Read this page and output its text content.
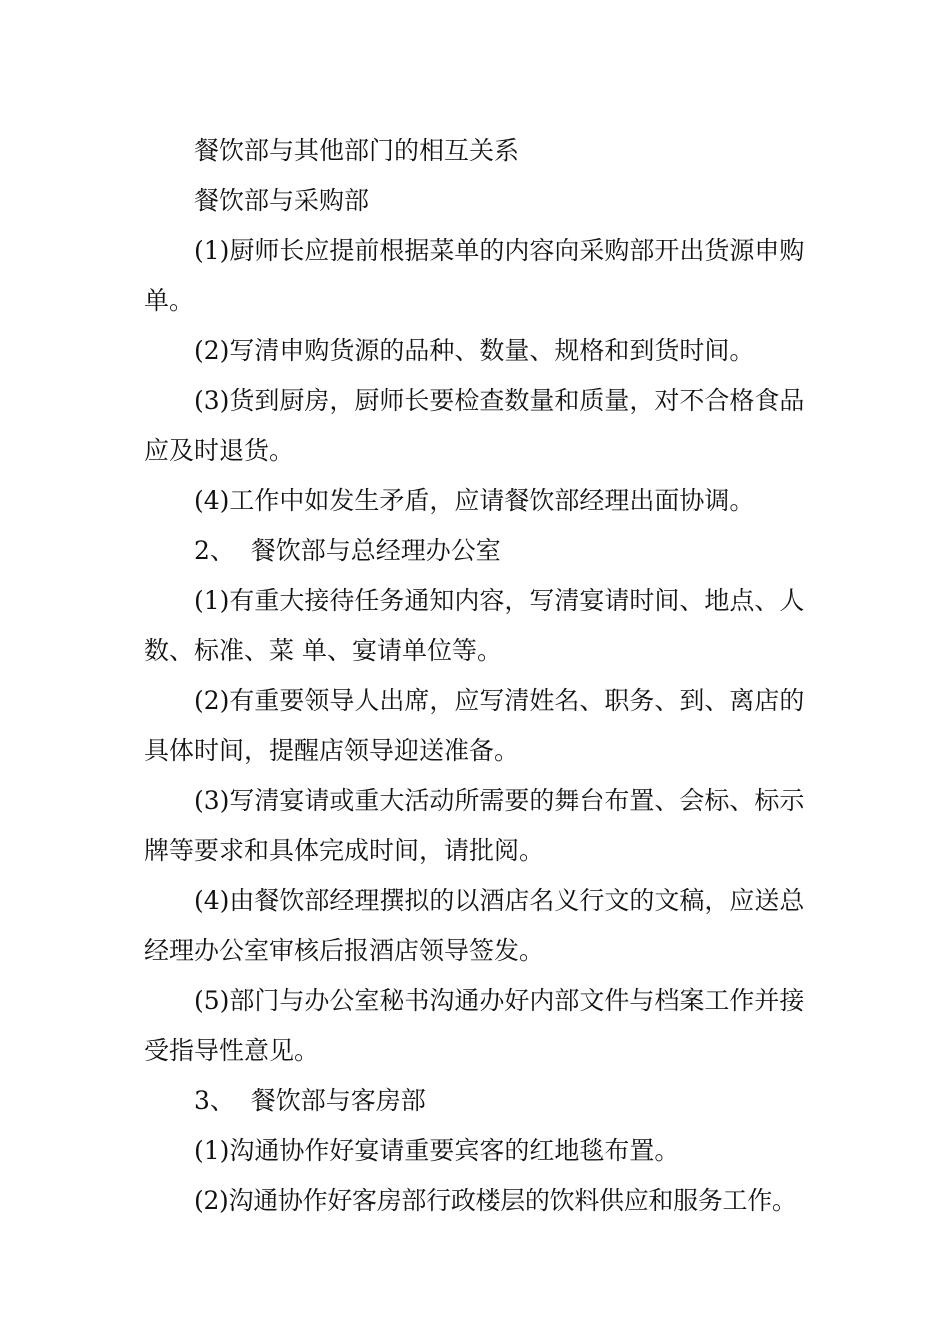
餐饮部与其他部门的相互关系

餐饮部与采购部

(1)厨师长应提前根据菜单的内容向采购部开出货源申购单。

(2)写清申购货源的品种、数量、规格和到货时间。

(3)货到厨房，厨师长要检查数量和质量，对不合格食品应及时退货。

(4)工作中如发生矛盾，应请餐饮部经理出面协调。

2、  餐饮部与总经理办公室

(1)有重大接待任务通知内容，写清宴请时间、地点、人数、标准、菜 单、宴请单位等。

(2)有重要领导人出席，应写清姓名、职务、到、离店的具体时间，提醒店领导迎送准备。

(3)写清宴请或重大活动所需要的舞台布置、会标、标示牌等要求和具体完成时间，请批阅。

(4)由餐饮部经理撰拟的以酒店名义行文的文稿，应送总经理办公室审核后报酒店领导签发。

(5)部门与办公室秘书沟通办好内部文件与档案工作并接受指导性意见。

3、  餐饮部与客房部

(1)沟通协作好宴请重要宾客的红地毯布置。

(2)沟通协作好客房部行政楼层的饮料供应和服务工作。
